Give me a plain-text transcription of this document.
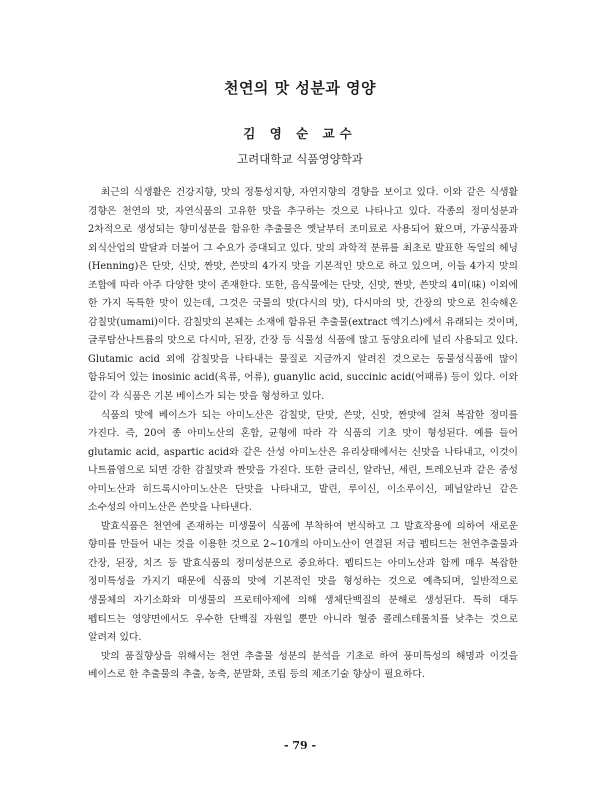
천연의 맛 성분과 영양

김 영 순 교수

고려대학교 식품영양학과

최근의 식생활은 건강지향, 맛의 정통성지향, 자연지향의 경향을 보이고 있다. 이와 같은 식생활 경향은 천연의 맛, 자연식품의 고유한 맛을 추구하는 것으로 나타나고 있다. 각종의 정미성분과 2차적으로 생성되는 향미성분을 함유한 추출물은 옛날부터 조미료로 사용되어 왔으며, 가공식품과 외식산업의 발달과 더불어 그 수요가 증대되고 있다. 맛의 과학적 분류를 최초로 발표한 독일의 헤닝(Henning)은 단맛, 신맛, 짠맛, 쓴맛의 4가지 맛을 기본적인 맛으로 하고 있으며, 이들 4가지 맛의 조합에 따라 아주 다양한 맛이 존재한다. 또한, 음식물에는 단맛, 신맛, 짠맛, 쓴맛의 4미(味) 이외에 한 가지 독특한 맛이 있는데, 그것은 국물의 맛(다시의 맛), 다시마의 맛, 간장의 맛으로 친숙해온 감칠맛(umami)이다. 감칠맛의 본체는 소재에 함유된 추출물(extract 엑기스)에서 유래되는 것이며, 글루탐산나트륨의 맛으로 다시마, 된장, 간장 등 식물성 식품에 많고 동양요리에 널리 사용되고 있다. Glutamic acid 외에 감칠맛을 나타내는 물질로 지금까지 알려진 것으로는 동물성식품에 많이 함유되어 있는 inosinic acid(육류, 어류), guanylic acid, succinic acid(어패류) 등이 있다. 이와 같이 각 식품은 기본 베이스가 되는 맛을 형성하고 있다.

식품의 맛에 베이스가 되는 아미노산은 감칠맛, 단맛, 쓴맛, 신맛, 짠맛에 걸쳐 복잡한 정미를 가진다. 즉, 20여 종 아미노산의 혼합, 균형에 따라 각 식품의 기초 맛이 형성된다. 예를 들어 glutamic acid, aspartic acid와 같은 산성 아미노산은 유리상태에서는 신맛을 나타내고, 이것이 나트륨염으로 되면 강한 감칠맛과 짠맛을 가진다. 또한 글리신, 알라닌, 세린, 트레오닌과 같은 중성 아미노산과 히드록시아미노산은 단맛을 나타내고, 발린, 루이신, 이소루이신, 페닐알라닌 같은 소수성의 아미노산은 쓴맛을 나타낸다.

발효식품은 천연에 존재하는 미생물이 식품에 부착하여 번식하고 그 발효작용에 의하여 새로운 향미를 만들어 내는 것을 이용한 것으로 2∼10개의 아미노산이 연결된 저급 펩티드는 천연추출물과 간장, 된장, 치즈 등 발효식품의 정미성분으로 중요하다. 펩티드는 아미노산과 함께 매우 복잡한 정미특성을 가지기 때문에 식품의 맛에 기본적인 맛을 형성하는 것으로 예측되며, 일반적으로 생물체의 자기소화와 미생물의 프로테아제에 의해 생체단백질의 분해로 생성된다. 특히 대두 펩티드는 영양면에서도 우수한 단백질 자원일 뿐만 아니라 혈중 콜레스테롤치를 낮추는 것으로 알려져 있다.

맛의 품질향상을 위해서는 천연 추출물 성분의 분석을 기초로 하여 풍미특성의 해명과 이것을 베이스로 한 추출물의 추출, 농축, 분말화, 조립 등의 제조기술 향상이 필요하다.

- 79 -
